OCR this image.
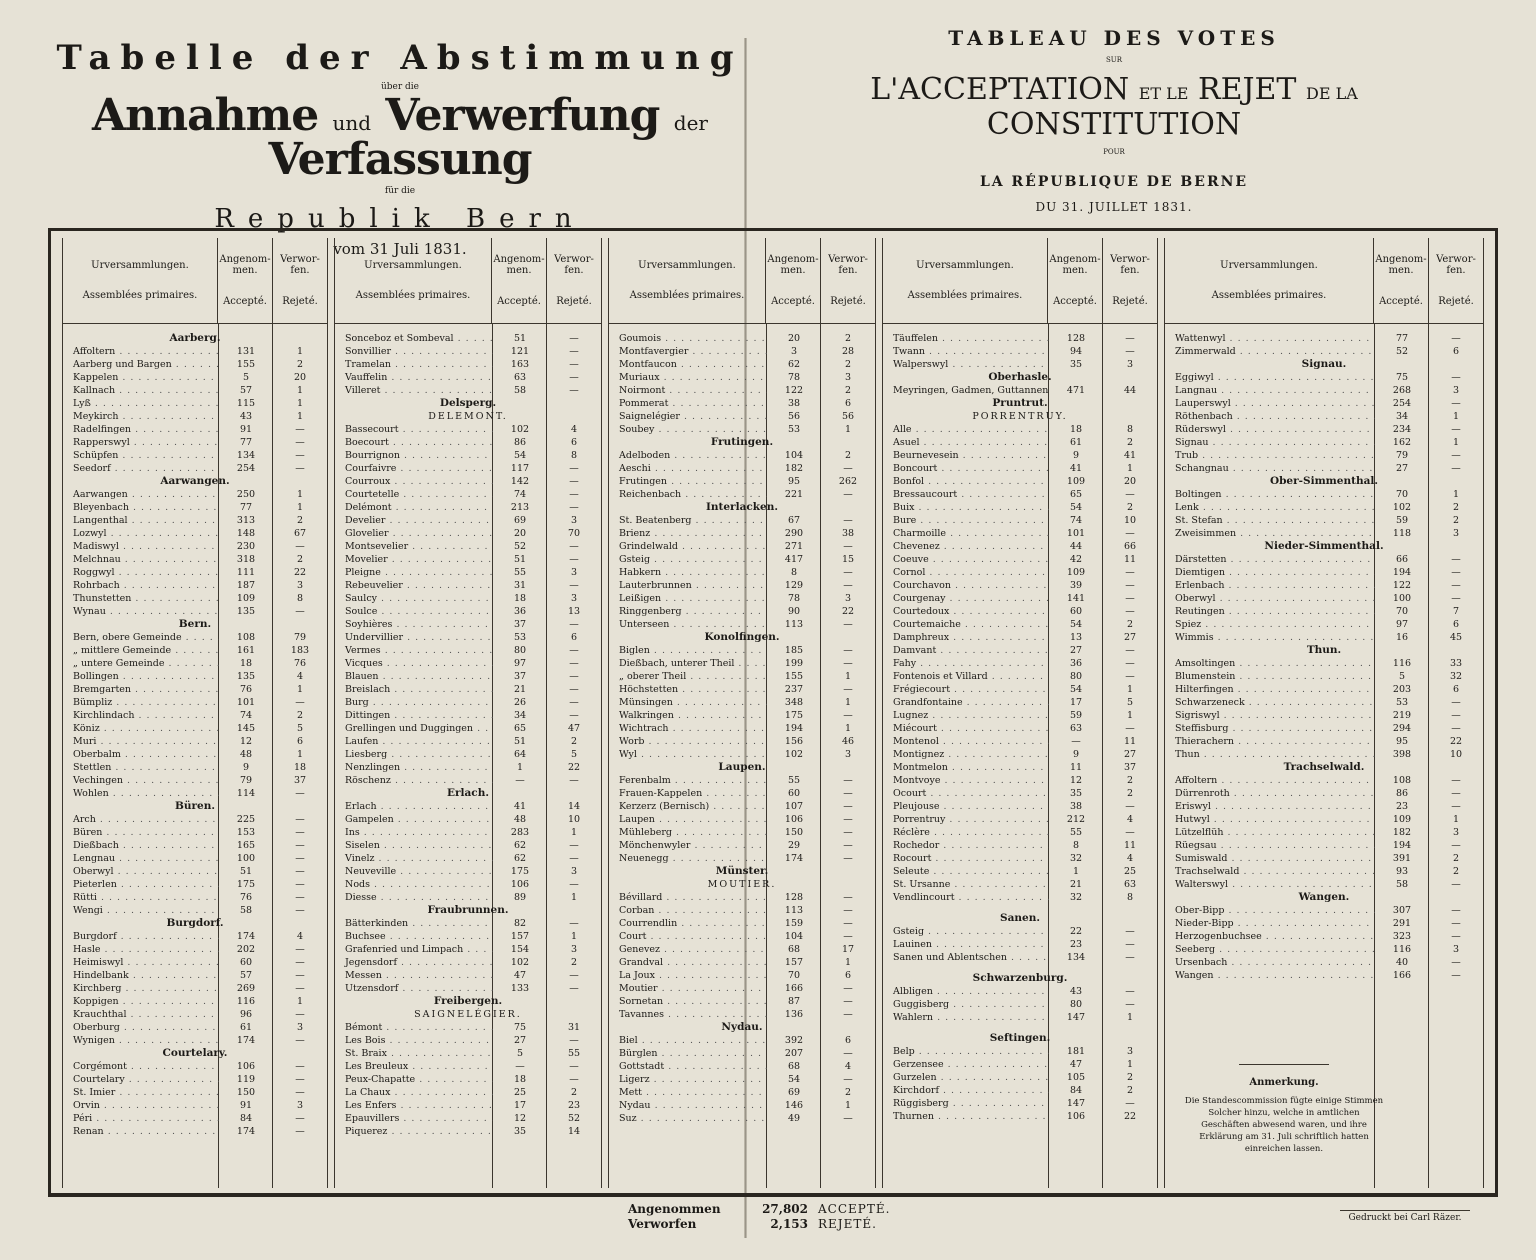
Tabelle der Abstimmung
über die
Annahme und Verwerfung der Verfassung
für die
Republik Bern
vom 31 Juli 1831.
TABLEAU DES VOTES
SUR
L'ACCEPTATION ET LE REJET DE LA CONSTITUTION
POUR
LA RÉPUBLIQUE DE BERNE
DU 31. JUILLET 1831.
Urversammlungen.
Assemblées primaires.
Angenom-men.
Accepté.
Verwor-fen.
Rejeté.
Aarberg.
Affoltern . . .	131	1
Aarberg und Bargen . . .	155	2
Kappelen . . .	5	20
Kallnach . . .	57	1
Lyß . . .	115	1
Meykirch . . .	43	1
Radelfingen . . .	91	—
Rapperswyl . . .	77	—
Schüpfen . . .	134	—
Seedorf . . .	254	—
Aarwangen.
Aarwangen . . .	250	1
Bleyenbach . . .	77	1
Langenthal . . .	313	2
Lozwyl . . .	148	67
Madiswyl . . .	230	—
Melchnau . . .	318	2
Roggwyl . . .	111	22
Rohrbach . . .	187	3
Thunstetten . . .	109	8
Wynau . . .	135	—
Bern.
Bern, obere Gemeinde . . .	108	79
„ mittlere Gemeinde . . .	161	183
„ untere Gemeinde . . .	18	76
Bollingen . . .	135	4
Bremgarten . . .	76	1
Bümpliz . . .	101	—
Kirchlindach . . .	74	2
Köniz . . .	145	5
Muri . . .	12	6
Oberbalm . . .	48	1
Stettlen . . .	9	18
Vechingen . . .	79	37
Wohlen . . .	114	—
Büren.
Arch . . .	225	—
Büren . . .	153	—
Dießbach . . .	165	—
Lengnau . . .	100	—
Oberwyl . . .	51	—
Pieterlen . . .	175	—
Rütti . . .	76	—
Wengi . . .	58	—
Burgdorf.
Burgdorf . . .	174	4
Hasle . . .	202	—
Heimiswyl . . .	60	—
Hindelbank . . .	57	—
Kirchberg . . .	269	—
Koppigen . . .	116	1
Krauchthal . . .	96	—
Oberburg . . .	61	3
Wynigen . . .	174	—
Courtelary.
Corgémont . . .	106	—
Courtelary . . .	119	—
St. Imier . . .	150	—
Orvin . . .	91	3
Péri . . .	84	—
Renan . . .	174	—
Urversammlungen.
Assemblées primaires.
Angenom-men.
Accepté.
Verwor-fen.
Rejeté.
Sonceboz et Sombeval . . .	51	—
Sonvillier . . .	121	—
Tramelan . . .	163	—
Vauffelin . . .	63	—
Villeret . . .	58	—
Delsperg.
DELEMONT.
Bassecourt . . .	102	4
Boecourt . . .	86	6
Bourrignon . . .	54	8
Courfaivre . . .	117	—
Courroux . . .	142	—
Courtetelle . . .	74	—
Delémont . . .	213	—
Develier . . .	69	3
Glovelier . . .	20	70
Montsevelier . . .	52	—
Movelier . . .	51	—
Pleigne . . .	55	3
Rebeuvelier . . .	31	—
Saulcy . . .	18	3
Soulce . . .	36	13
Soyhières . . .	37	—
Undervillier . . .	53	6
Vermes . . .	80	—
Vicques . . .	97	—
Blauen . . .	37	—
Breislach . . .	21	—
Burg . . .	26	—
Dittingen . . .	34	—
Grellingen und Duggingen . . .	65	47
Laufen . . .	51	2
Liesberg . . .	64	5
Nenzlingen . . .	1	22
Röschenz . . .	—	—
Erlach.
Erlach . . .	41	14
Gampelen . . .	48	10
Ins . . .	283	1
Siselen . . .	62	—
Vinelz . . .	62	—
Neuveville . . .	175	3
Nods . . .	106	—
Diesse . . .	89	1
Fraubrunnen.
Bätterkinden . . .	82	—
Buchsee . . .	157	1
Grafenried und Limpach . . .	154	3
Jegensdorf . . .	102	2
Messen . . .	47	—
Utzensdorf . . .	133	—
Freibergen.
SAIGNELÉGIER.
Bémont . . .	75	31
Les Bois . . .	27	—
St. Braix . . .	5	55
Les Breuleux . . .	—	—
Peux-Chapatte . . .	18	—
La Chaux . . .	25	2
Les Enfers . . .	17	23
Epauvillers . . .	12	52
Piquerez . . .	35	14
Urversammlungen.
Assemblées primaires.
Angenom-men.
Accepté.
Verwor-fen.
Rejeté.
Goumois . . .	20	2
Montfavergier . . .	3	28
Montfaucon . . .	62	2
Muriaux . . .	78	3
Noirmont . . .	122	2
Pommerat . . .	38	6
Saignelégier . . .	56	56
Soubey . . .	53	1
Frutingen.
Adelboden . . .	104	2
Aeschi . . .	182	—
Frutingen . . .	95	262
Reichenbach . . .	221	—
Interlacken.
St. Beatenberg . . .	67	—
Brienz . . .	290	38
Grindelwald . . .	271	—
Gsteig . . .	417	15
Habkern . . .	8	—
Lauterbrunnen . . .	129	—
Leißigen . . .	78	3
Ringgenberg . . .	90	22
Unterseen . . .	113	—
Konolfingen.
Biglen . . .	185	—
Dießbach, unterer Theil . . .	199	—
„ oberer Theil . . .	155	1
Höchstetten . . .	237	—
Münsingen . . .	348	1
Walkringen . . .	175	—
Wichtrach . . .	194	1
Worb . . .	156	46
Wyl . . .	102	3
Laupen.
Ferenbalm . . .	55	—
Frauen-Kappelen . . .	60	—
Kerzerz (Bernisch) . . .	107	—
Laupen . . .	106	—
Mühleberg . . .	150	—
Mönchenwyler . . .	29	—
Neuenegg . . .	174	—
Münster.
MOUTIER.
Bévillard . . .	128	—
Corban . . .	113	—
Courrendlin . . .	159	—
Court . . .	104	—
Genevez . . .	68	17
Grandval . . .	157	1
La Joux . . .	70	6
Moutier . . .	166	—
Sornetan . . .	87	—
Tavannes . . .	136	—
Nydau.
Biel . . .	392	6
Bürglen . . .	207	—
Gottstadt . . .	68	4
Ligerz . . .	54	—
Mett . . .	69	2
Nydau . . .	146	1
Suz . . .	49	—
Urversammlungen.
Assemblées primaires.
Angenom-men.
Accepté.
Verwor-fen.
Rejeté.
Täuffelen . . .	128	—
Twann . . .	94	—
Walperswyl . . .	35	3
Oberhasle.
Meyringen, Gadmen, Guttannen . . .	471	44
Pruntrut.
PORRENTRUY.
Alle . . .	18	8
Asuel . . .	61	2
Beurnevesein . . .	9	41
Boncourt . . .	41	1
Bonfol . . .	109	20
Bressaucourt . . .	65	—
Buix . . .	54	2
Bure . . .	74	10
Charmoille . . .	101	—
Chevenez . . .	44	66
Coeuve . . .	42	11
Cornol . . .	109	—
Courchavon . . .	39	—
Courgenay . . .	141	—
Courtedoux . . .	60	—
Courtemaiche . . .	54	2
Damphreux . . .	13	27
Damvant . . .	27	—
Fahy . . .	36	—
Fontenois et Villard . . .	80	—
Frégiecourt . . .	54	1
Grandfontaine . . .	17	5
Lugnez . . .	59	1
Miécourt . . .	63	—
Montenol . . .	—	11
Montignez . . .	9	27
Montmelon . . .	11	37
Montvoye . . .	12	2
Ocourt . . .	35	2
Pleujouse . . .	38	—
Porrentruy . . .	212	4
Réclère . . .	55	—
Rochedor . . .	8	11
Rocourt . . .	32	4
Seleute . . .	1	25
St. Ursanne . . .	21	63
Vendlincourt . . .	32	8
Sanen.
Gsteig . . .	22	—
Lauinen . . .	23	—
Sanen und Ablentschen . . .	134	—
Schwarzenburg.
Albligen . . .	43	—
Guggisberg . . .	80	—
Wahlern . . .	147	1
Seftingen.
Belp . . .	181	3
Gerzensee . . .	47	1
Gurzelen . . .	105	2
Kirchdorf . . .	84	2
Rüggisberg . . .	147	—
Thurnen . . .	106	22
Urversammlungen.
Assemblées primaires.
Angenom-men.
Accepté.
Verwor-fen.
Rejeté.
Wattenwyl . . .	77	—
Zimmerwald . . .	52	6
Signau.
Eggiwyl . . .	75	—
Langnau . . .	268	3
Lauperswyl . . .	254	—
Röthenbach . . .	34	1
Rüderswyl . . .	234	—
Signau . . .	162	1
Trub . . .	79	—
Schangnau . . .	27	—
Ober-Simmenthal.
Boltingen . . .	70	1
Lenk . . .	102	2
St. Stefan . . .	59	2
Zweisimmen . . .	118	3
Nieder-Simmenthal.
Därstetten . . .	66	—
Diemtigen . . .	194	—
Erlenbach . . .	122	—
Oberwyl . . .	100	—
Reutingen . . .	70	7
Spiez . . .	97	6
Wimmis . . .	16	45
Thun.
Amsoltingen . . .	116	33
Blumenstein . . .	5	32
Hilterfingen . . .	203	6
Schwarzeneck . . .	53	—
Sigriswyl . . .	219	—
Steffisburg . . .	294	—
Thierachern . . .	95	22
Thun . . .	398	10
Trachselwald.
Affoltern . . .	108	—
Dürrenroth . . .	86	—
Eriswyl . . .	23	—
Hutwyl . . .	109	1
Lützelflüh . . .	182	3
Rüegsau . . .	194	—
Sumiswald . . .	391	2
Trachselwald . . .	93	2
Walterswyl . . .	58	—
Wangen.
Ober-Bipp . . .	307	—
Nieder-Bipp . . .	291	—
Herzogenbuchsee . . .	323	—
Seeberg . . .	116	3
Ursenbach . . .	40	—
Wangen . . .	166	—
Anmerkung.
Die Standescommission fügte einige Stimmen Solcher hinzu, welche in amtlichen Geschäften abwesend waren, und ihre Erklärung am 31. Juli schriftlich hatten einreichen lassen.
Angenommen	27,802 ACCEPTÉ.
Verworfen	2,153 REJETÉ.	Gedruckt bei Carl Räzer.
